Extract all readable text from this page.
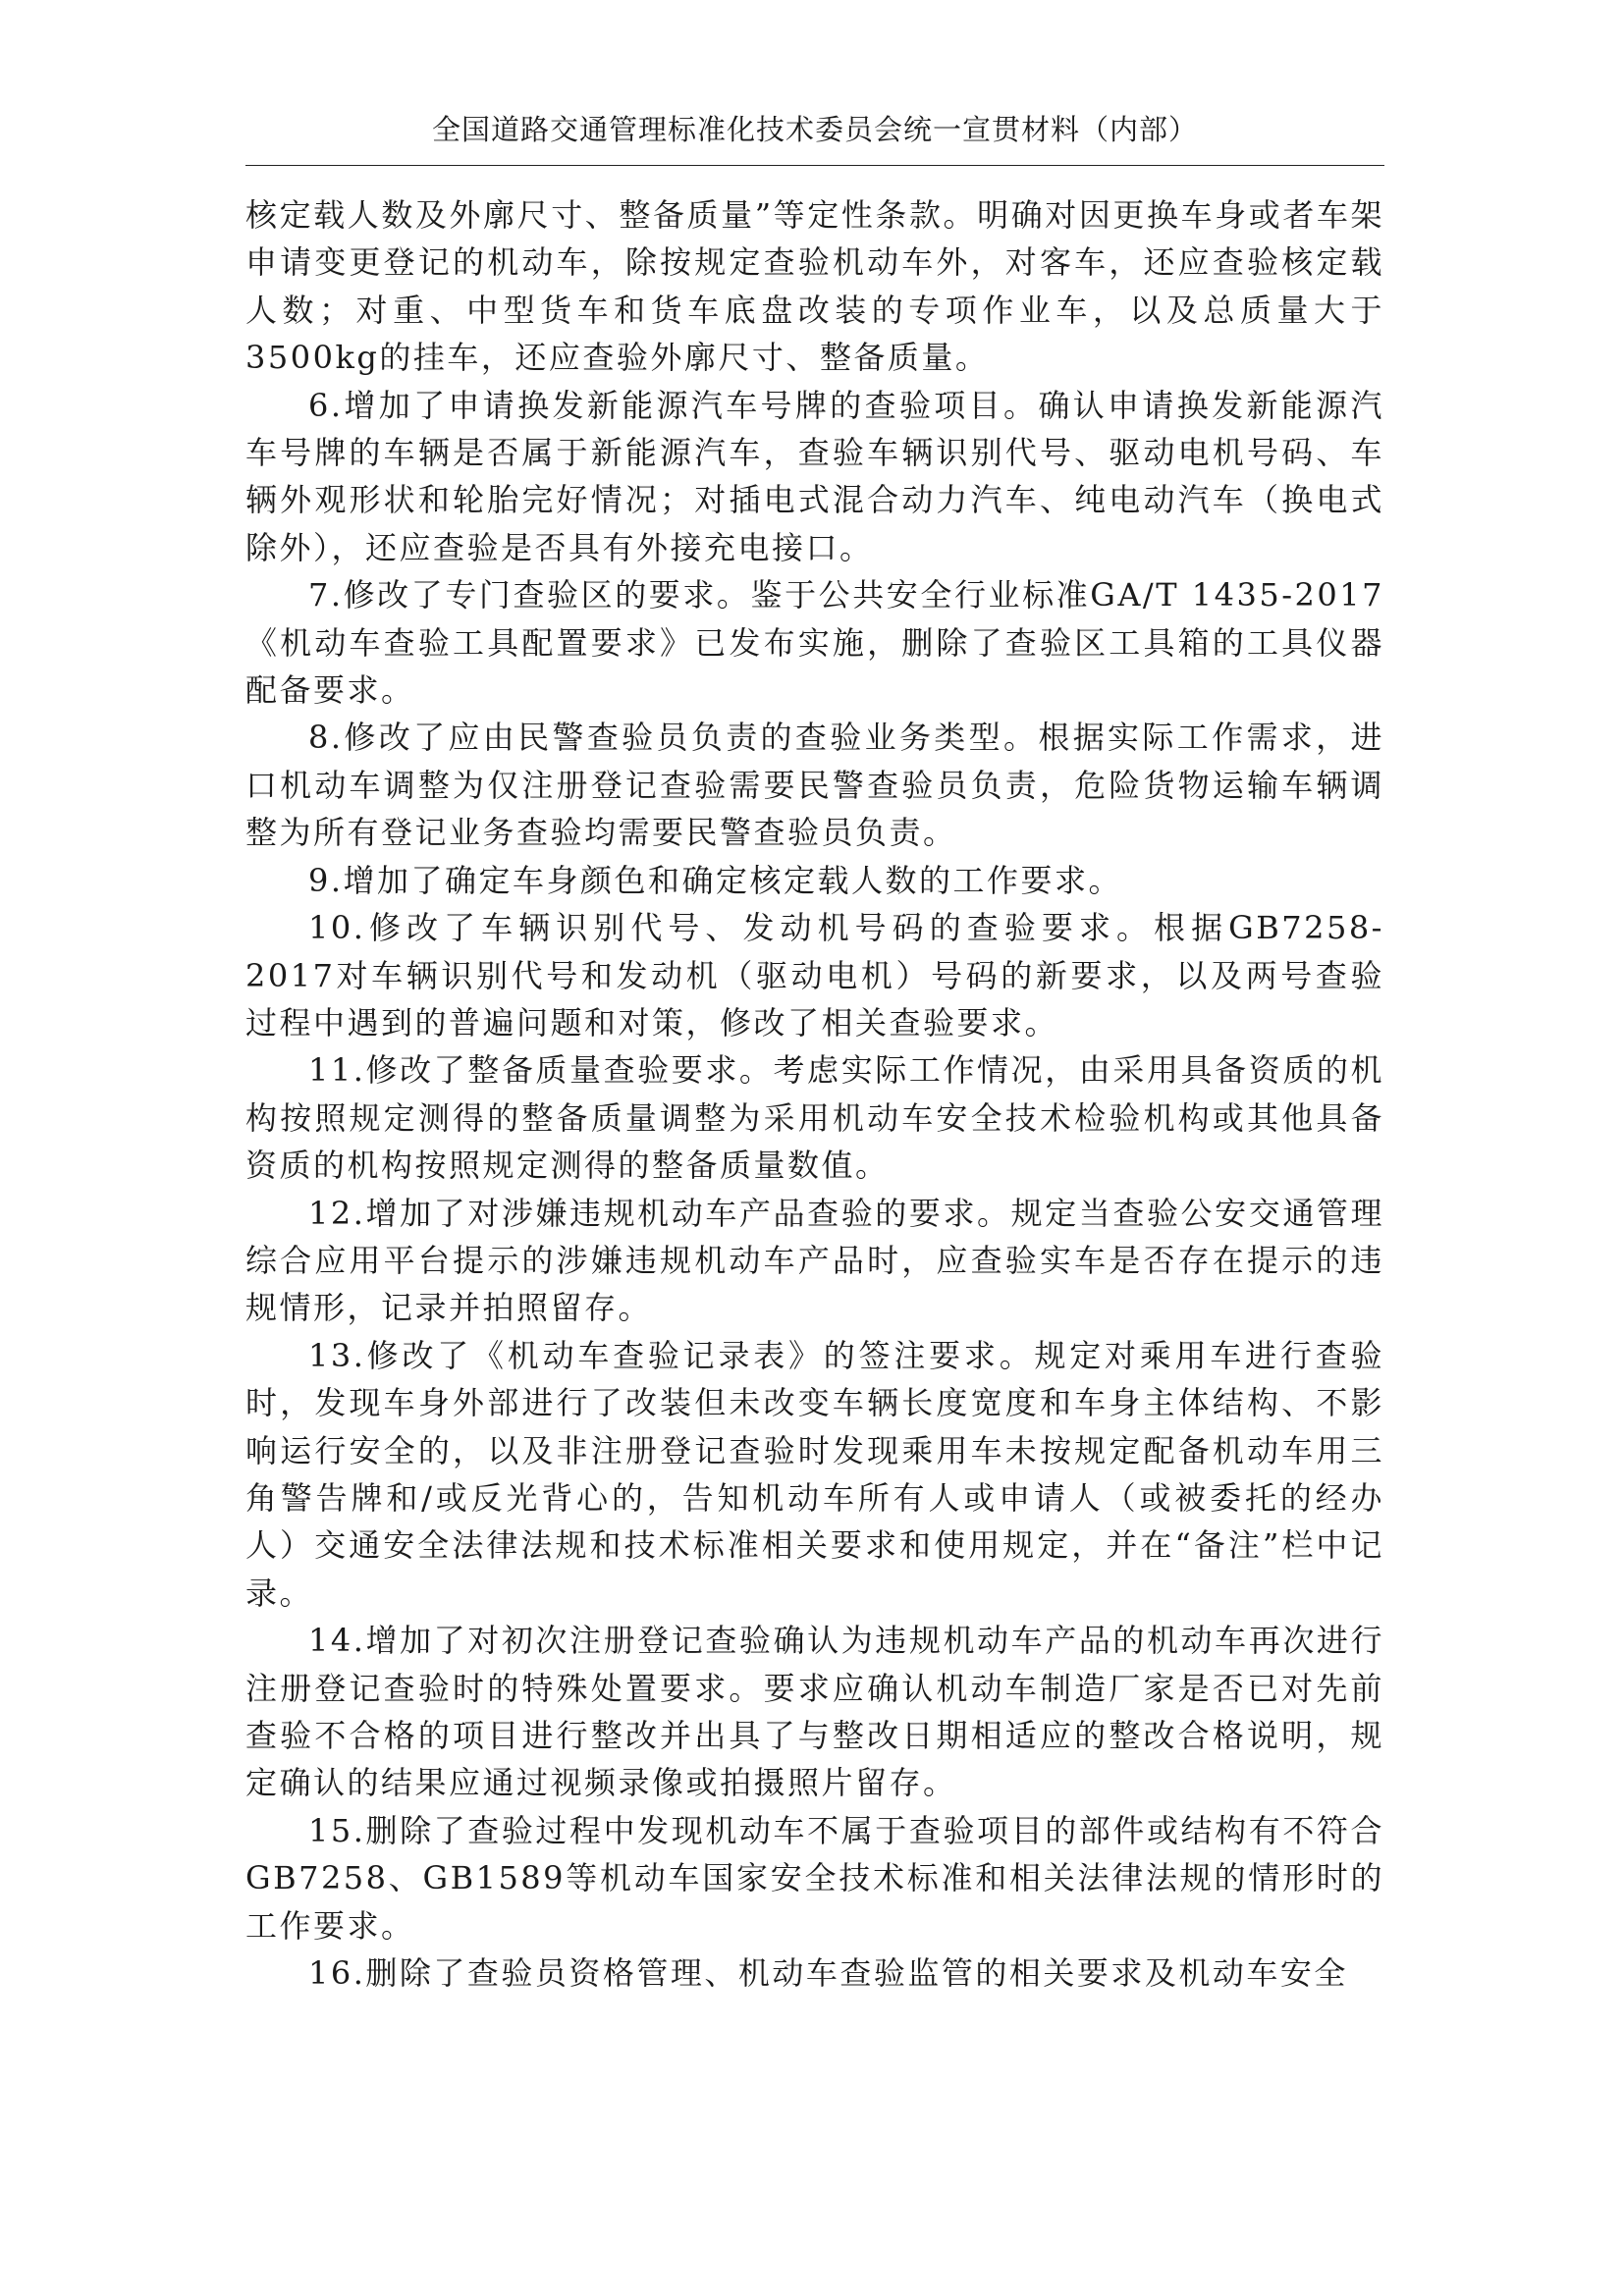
全国道路交通管理标准化技术委员会统一宣贯材料（内部）

核定载人数及外廓尺寸、整备质量”等定性条款。明确对因更换车身或者车架申请变更登记的机动车，除按规定查验机动车外，对客车，还应查验核定载人数；对重、中型货车和货车底盘改装的专项作业车，以及总质量大于3500kg的挂车，还应查验外廓尺寸、整备质量。

6.增加了申请换发新能源汽车号牌的查验项目。确认申请换发新能源汽车号牌的车辆是否属于新能源汽车，查验车辆识别代号、驱动电机号码、车辆外观形状和轮胎完好情况；对插电式混合动力汽车、纯电动汽车（换电式除外），还应查验是否具有外接充电接口。

7.修改了专门查验区的要求。鉴于公共安全行业标准GA/T 1435-2017《机动车查验工具配置要求》已发布实施，删除了查验区工具箱的工具仪器配备要求。

8.修改了应由民警查验员负责的查验业务类型。根据实际工作需求，进口机动车调整为仅注册登记查验需要民警查验员负责，危险货物运输车辆调整为所有登记业务查验均需要民警查验员负责。

9.增加了确定车身颜色和确定核定载人数的工作要求。

10.修改了车辆识别代号、发动机号码的查验要求。根据GB7258-2017对车辆识别代号和发动机（驱动电机）号码的新要求，以及两号查验过程中遇到的普遍问题和对策，修改了相关查验要求。

11.修改了整备质量查验要求。考虑实际工作情况，由采用具备资质的机构按照规定测得的整备质量调整为采用机动车安全技术检验机构或其他具备资质的机构按照规定测得的整备质量数值。

12.增加了对涉嫌违规机动车产品查验的要求。规定当查验公安交通管理综合应用平台提示的涉嫌违规机动车产品时，应查验实车是否存在提示的违规情形，记录并拍照留存。

13.修改了《机动车查验记录表》的签注要求。规定对乘用车进行查验时，发现车身外部进行了改装但未改变车辆长度宽度和车身主体结构、不影响运行安全的，以及非注册登记查验时发现乘用车未按规定配备机动车用三角警告牌和/或反光背心的，告知机动车所有人或申请人（或被委托的经办人）交通安全法律法规和技术标准相关要求和使用规定，并在“备注”栏中记录。

14.增加了对初次注册登记查验确认为违规机动车产品的机动车再次进行注册登记查验时的特殊处置要求。要求应确认机动车制造厂家是否已对先前查验不合格的项目进行整改并出具了与整改日期相适应的整改合格说明，规定确认的结果应通过视频录像或拍摄照片留存。

15.删除了查验过程中发现机动车不属于查验项目的部件或结构有不符合GB7258、GB1589等机动车国家安全技术标准和相关法律法规的情形时的工作要求。

16.删除了查验员资格管理、机动车查验监管的相关要求及机动车安全
